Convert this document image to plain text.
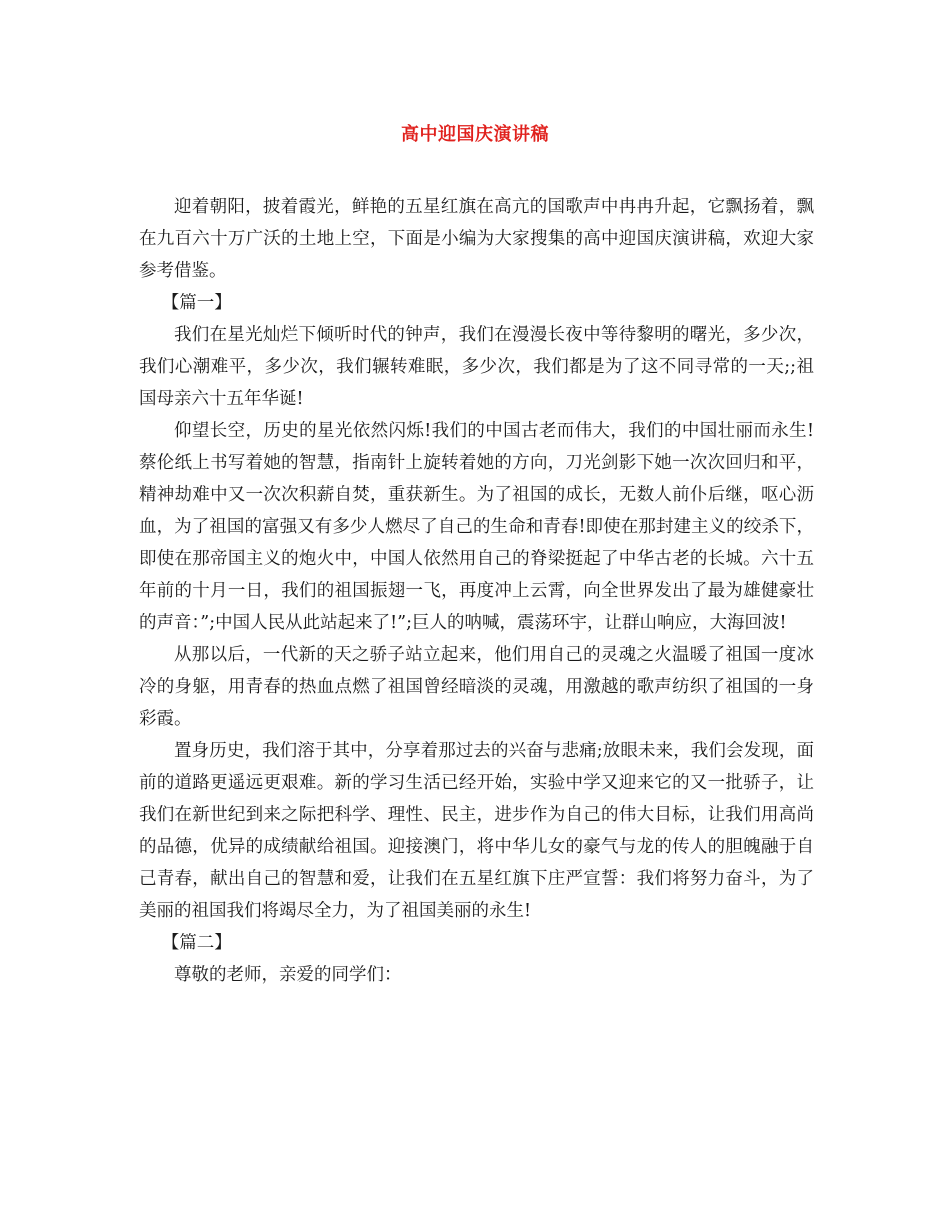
高中迎国庆演讲稿

迎着朝阳，披着霞光，鲜艳的五星红旗在高亢的国歌声中冉冉升起，它飘扬着，飘在九百六十万广沃的土地上空，下面是小编为大家搜集的高中迎国庆演讲稿，欢迎大家参考借鉴。

【篇一】

我们在星光灿烂下倾听时代的钟声，我们在漫漫长夜中等待黎明的曙光，多少次，我们心潮难平，多少次，我们辗转难眠，多少次，我们都是为了这不同寻常的一天;;祖国母亲六十五年华诞!

仰望长空，历史的星光依然闪烁!我们的中国古老而伟大，我们的中国壮丽而永生!蔡伦纸上书写着她的智慧，指南针上旋转着她的方向，刀光剑影下她一次次回归和平，精神劫难中又一次次积薪自焚，重获新生。为了祖国的成长，无数人前仆后继，呕心沥血，为了祖国的富强又有多少人燃尽了自己的生命和青春!即使在那封建主义的绞杀下，即使在那帝国主义的炮火中，中国人依然用自己的脊梁挺起了中华古老的长城。六十五年前的十月一日，我们的祖国振翅一飞，再度冲上云霄，向全世界发出了最为雄健豪壮的声音：”;中国人民从此站起来了!”;巨人的呐喊，震荡环宇，让群山响应，大海回波!

从那以后，一代新的天之骄子站立起来，他们用自己的灵魂之火温暖了祖国一度冰冷的身躯，用青春的热血点燃了祖国曾经暗淡的灵魂，用激越的歌声纺织了祖国的一身彩霞。

置身历史，我们溶于其中，分享着那过去的兴奋与悲痛;放眼未来，我们会发现，面前的道路更遥远更艰难。新的学习生活已经开始，实验中学又迎来它的又一批骄子，让我们在新世纪到来之际把科学、理性、民主，进步作为自己的伟大目标，让我们用高尚的品德，优异的成绩献给祖国。迎接澳门，将中华儿女的豪气与龙的传人的胆魄融于自己青春，献出自己的智慧和爱，让我们在五星红旗下庄严宣誓：我们将努力奋斗，为了美丽的祖国我们将竭尽全力，为了祖国美丽的永生!

【篇二】

尊敬的老师，亲爱的同学们：
